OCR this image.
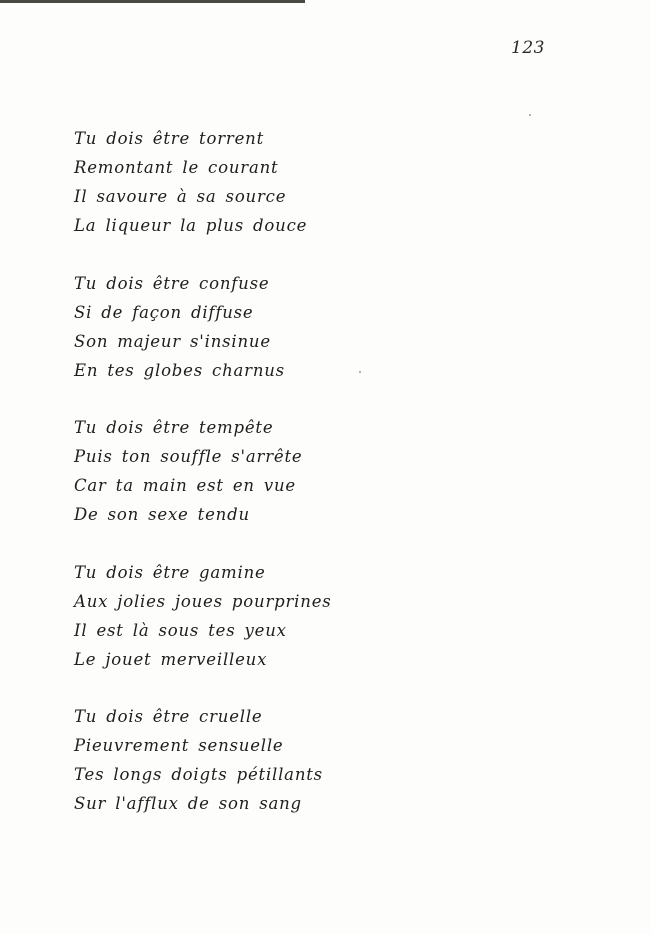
123
Tu dois être torrent
Remontant le courant
Il savoure à sa source
La liqueur la plus douce
Tu dois être confuse
Si de façon diffuse
Son majeur s'insinue
En tes globes charnus
Tu dois être tempête
Puis ton souffle s'arrête
Car ta main est en vue
De son sexe tendu
Tu dois être gamine
Aux jolies joues pourprines
Il est là sous tes yeux
Le jouet merveilleux
Tu dois être cruelle
Pieuvrement sensuelle
Tes longs doigts pétillants
Sur l'afflux de son sang
